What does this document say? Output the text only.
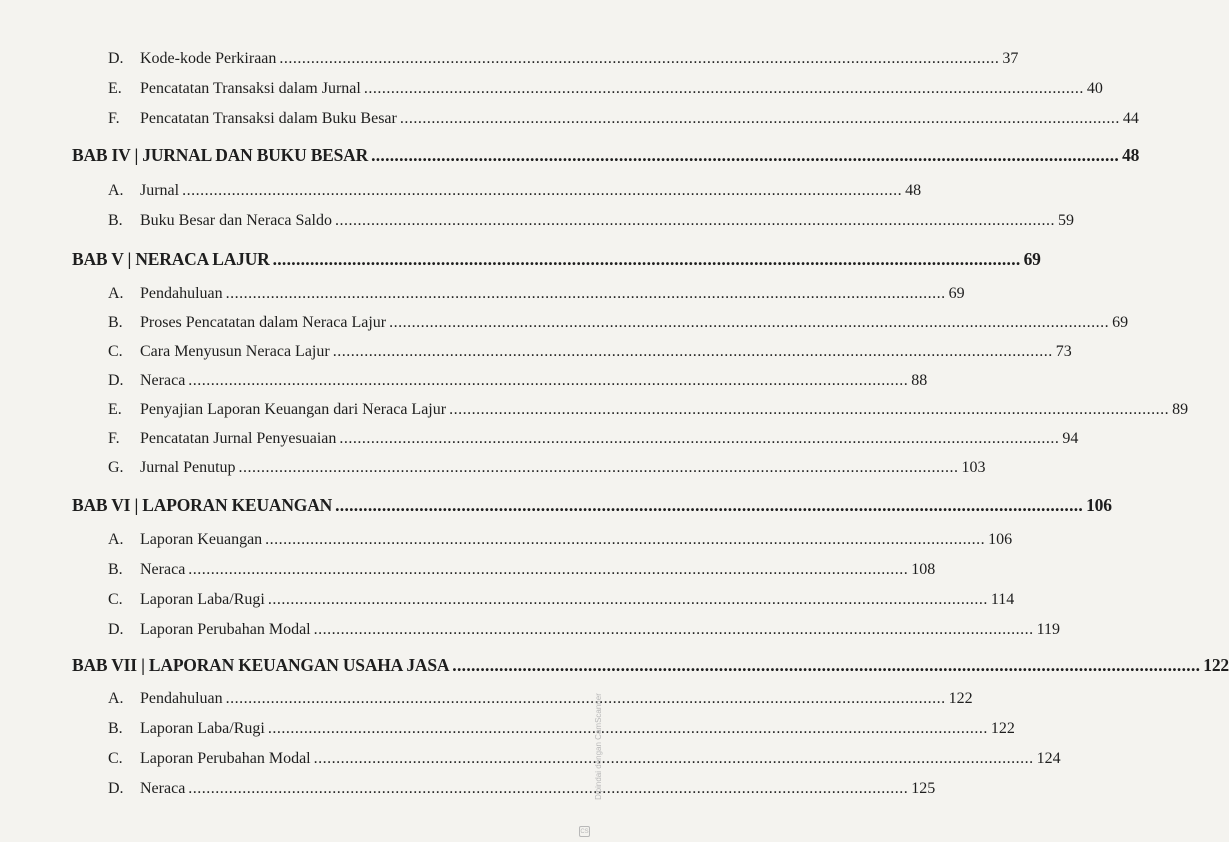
D.	Kode-kode Perkiraan .....	37
E.	Pencatatan Transaksi dalam Jurnal .....	40
F.	Pencatatan Transaksi dalam Buku Besar .....	44
BAB IV | JURNAL DAN BUKU BESAR .....	48
A.	Jurnal .....	48
B.	Buku Besar dan Neraca Saldo .....	59
BAB V | NERACA LAJUR .....	69
A.	Pendahuluan .....	69
B.	Proses Pencatatan dalam Neraca Lajur .....	69
C.	Cara Menyusun Neraca Lajur .....	73
D.	Neraca .....	88
E.	Penyajian Laporan Keuangan dari Neraca Lajur .....	89
F.	Pencatatan Jurnal Penyesuaian .....	94
G.	Jurnal Penutup .....	103
BAB VI | LAPORAN KEUANGAN .....	106
A.	Laporan Keuangan .....	106
B.	Neraca .....	108
C.	Laporan Laba/Rugi .....	114
D.	Laporan Perubahan Modal .....	119
BAB VII | LAPORAN KEUANGAN USAHA JASA .....	122
A.	Pendahuluan .....	122
B.	Laporan Laba/Rugi .....	122
C.	Laporan Perubahan Modal .....	124
D.	Neraca .....	125
Dipindai dengan CamScanner
CS
